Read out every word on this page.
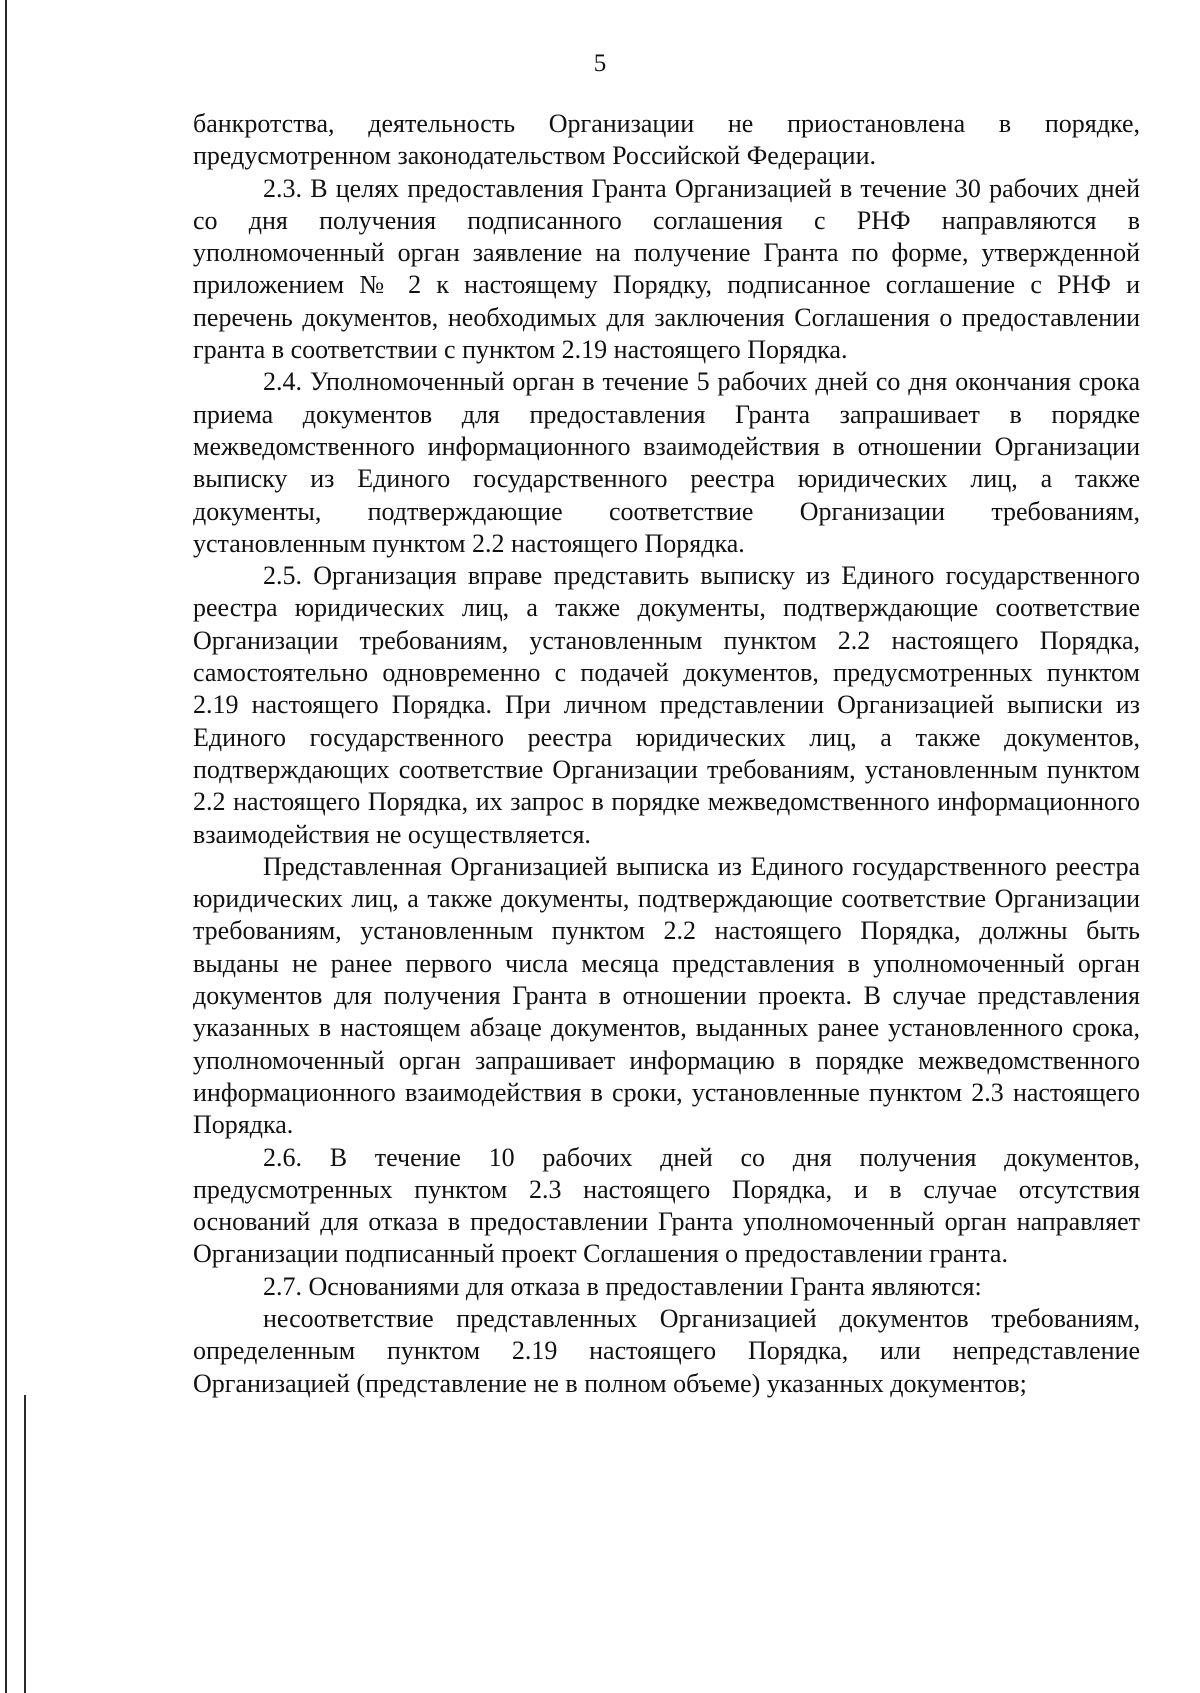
5

банкротства, деятельность Организации не приостановлена в порядке, предусмотренном законодательством Российской Федерации.

2.3. В целях предоставления Гранта Организацией в течение 30 рабочих дней со дня получения подписанного соглашения с РНФ направляются в уполномоченный орган заявление на получение Гранта по форме, утвержденной приложением № 2 к настоящему Порядку, подписанное соглашение с РНФ и перечень документов, необходимых для заключения Соглашения о предоставлении гранта в соответствии с пунктом 2.19 настоящего Порядка.

2.4. Уполномоченный орган в течение 5 рабочих дней со дня окончания срока приема документов для предоставления Гранта запрашивает в порядке межведомственного информационного взаимодействия в отношении Организации выписку из Единого государственного реестра юридических лиц, а также документы, подтверждающие соответствие Организации требованиям, установленным пунктом 2.2 настоящего Порядка.

2.5. Организация вправе представить выписку из Единого государственного реестра юридических лиц, а также документы, подтверждающие соответствие Организации требованиям, установленным пунктом 2.2 настоящего Порядка, самостоятельно одновременно с подачей документов, предусмотренных пунктом 2.19 настоящего Порядка. При личном представлении Организацией выписки из Единого государственного реестра юридических лиц, а также документов, подтверждающих соответствие Организации требованиям, установленным пунктом 2.2 настоящего Порядка, их запрос в порядке межведомственного информационного взаимодействия не осуществляется.

Представленная Организацией выписка из Единого государственного реестра юридических лиц, а также документы, подтверждающие соответствие Организации требованиям, установленным пунктом 2.2 настоящего Порядка, должны быть выданы не ранее первого числа месяца представления в уполномоченный орган документов для получения Гранта в отношении проекта. В случае представления указанных в настоящем абзаце документов, выданных ранее установленного срока, уполномоченный орган запрашивает информацию в порядке межведомственного информационного взаимодействия в сроки, установленные пунктом 2.3 настоящего Порядка.

2.6. В течение 10 рабочих дней со дня получения документов, предусмотренных пунктом 2.3 настоящего Порядка, и в случае отсутствия оснований для отказа в предоставлении Гранта уполномоченный орган направляет Организации подписанный проект Соглашения о предоставлении гранта.

2.7. Основаниями для отказа в предоставлении Гранта являются:

несоответствие представленных Организацией документов требованиям, определенным пунктом 2.19 настоящего Порядка, или непредставление Организацией (представление не в полном объеме) указанных документов;
